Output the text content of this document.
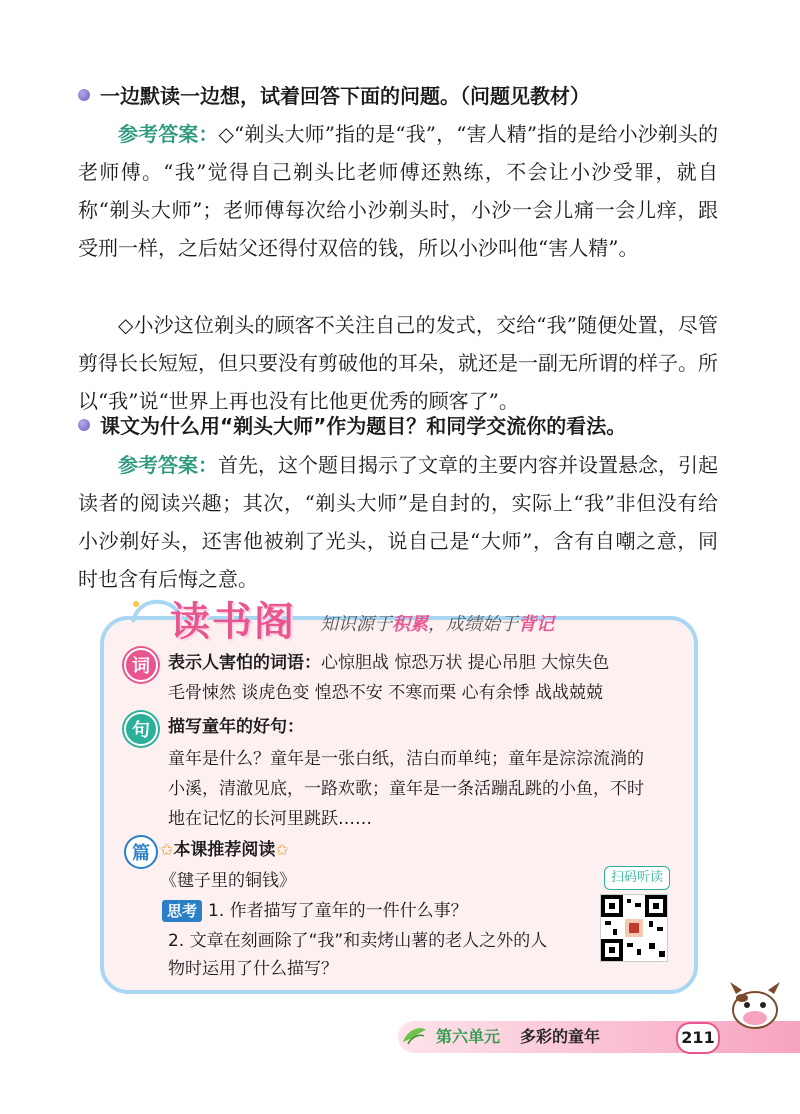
一边默读一边想，试着回答下面的问题。（问题见教材）

参考答案：◇“剃头大师”指的是“我”，“害人精”指的是给小沙剃头的老师傅。“我”觉得自己剃头比老师傅还熟练，不会让小沙受罪，就自称“剃头大师”；老师傅每次给小沙剃头时，小沙一会儿痛一会儿痒，跟受刑一样，之后姑父还得付双倍的钱，所以小沙叫他“害人精”。

◇小沙这位剃头的顾客不关注自己的发式，交给“我”随便处置，尽管剪得长长短短，但只要没有剪破他的耳朵，就还是一副无所谓的样子。所以“我”说“世界上再也没有比他更优秀的顾客了”。

课文为什么用“剃头大师”作为题目？和同学交流你的看法。

参考答案：首先，这个题目揭示了文章的主要内容并设置悬念，引起读者的阅读兴趣；其次，“剃头大师”是自封的，实际上“我”非但没有给小沙剃好头，还害他被剃了光头，说自己是“大师”，含有自嘲之意，同时也含有后悔之意。

读书阁 知识源于积累，成绩始于背记
词	表示人害怕的词语：心惊胆战 惊恐万状 提心吊胆 大惊失色
毛骨悚然 谈虎色变 惶恐不安 不寒而栗 心有余悸 战战兢兢
句	描写童年的好句：
童年是什么？童年是一张白纸，洁白而单纯；童年是淙淙流淌的
小溪，清澈见底，一路欢歌；童年是一条活蹦乱跳的小鱼，不时
地在记忆的长河里跳跃……
篇 ✩本课推荐阅读✩
《毽子里的铜钱》
思考 1. 作者描写了童年的一件什么事？
2. 文章在刻画除了“我”和卖烤山薯的老人之外的人
物时运用了什么描写？
扫码听读
第六单元 多彩的童年	211
